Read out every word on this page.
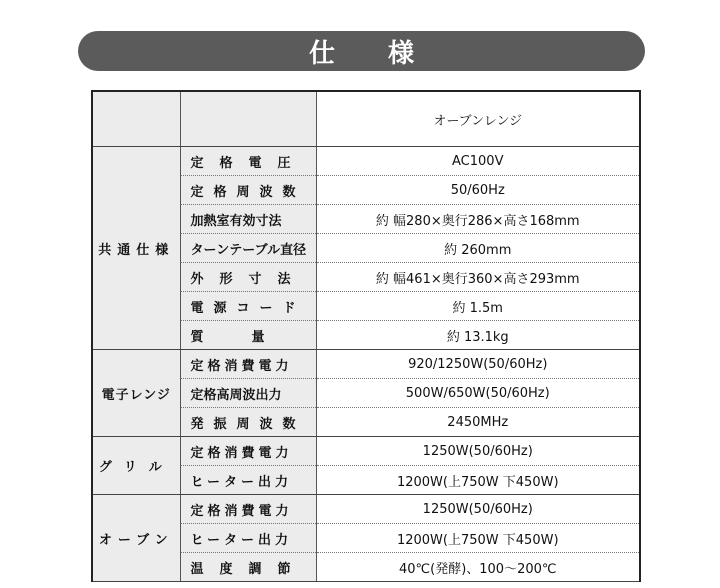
仕 様
		オーブンレンジ
共通仕様	定格電圧	AC100V
	定格周波数	50/60Hz
	加熱室有効寸法	約 幅280×奥行286×高さ168mm
	ターンテーブル直径	約 260mm
	外形寸法	約 幅461×奥行360×高さ293mm
	電源コード	約 1.5m
	質量	約 13.1kg
電子レンジ	定格消費電力	920/1250W(50/60Hz)
	定格高周波出力	500W/650W(50/60Hz)
	発振周波数	2450MHz
グリル	定格消費電力	1250W(50/60Hz)
	ヒーター出力	1200W(上750W 下450W)
オーブン	定格消費電力	1250W(50/60Hz)
	ヒーター出力	1200W(上750W 下450W)
	温度調節	40℃(発酵)、100～200℃
